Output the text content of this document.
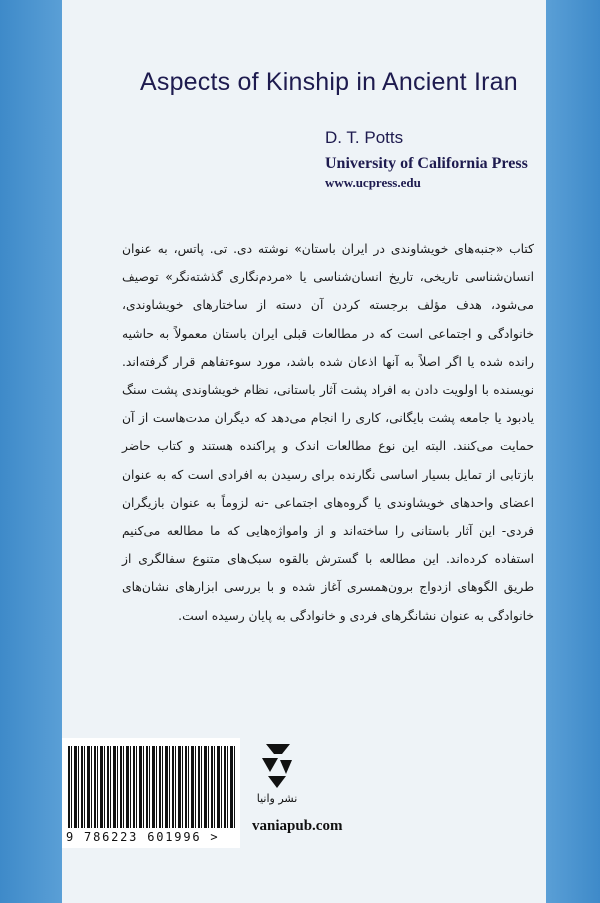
Aspects of Kinship in Ancient Iran
D. T. Potts
University of California Press
www.ucpress.edu
کتاب «جنبه‌های خویشاوندی در ایران باستان» نوشته دی. تی. پاتس، به عنوان انسان‌شناسی تاریخی، تاریخ انسان‌شناسی یا «مردم‌نگاری گذشته‌نگر» توصیف می‌شود، هدف مؤلف برجسته کردن آن دسته از ساختارهای خویشاوندی، خانوادگی و اجتماعی است که در مطالعات قبلی ایران باستان معمولاً به حاشیه رانده شده یا اگر اصلاً به آنها اذعان شده باشد، مورد سوءتفاهم قرار گرفته‌اند. نویسنده با اولویت دادن به افراد پشت آثار باستانی، نظام خویشاوندی پشت سنگ یادبود یا جامعه پشت بایگانی، کاری را انجام می‌دهد که دیگران مدت‌هاست از آن حمایت می‌کنند. البته این نوع مطالعات اندک و پراکنده هستند و کتاب حاضر بازتابی از تمایل بسیار اساسی نگارنده برای رسیدن به افرادی است که به عنوان اعضای واحدهای خویشاوندی یا گروه‌های اجتماعی -نه لزوماً به عنوان بازیگران فردی- این آثار باستانی را ساخته‌اند و از واموا‌ژه‌هایی که ما مطالعه می‌کنیم استفاده کرده‌اند. این مطالعه با گسترش بالقوه سبک‌های متنوع سفالگری از طریق الگوهای ازدواج برون‌همسری آغاز شده و با بررسی ابزارهای نشان‌های خانوادگی به عنوان نشانگرهای فردی و خانوادگی به پایان رسیده است.
9 786223 601996 >
نشر وانیا
vaniapub.com
